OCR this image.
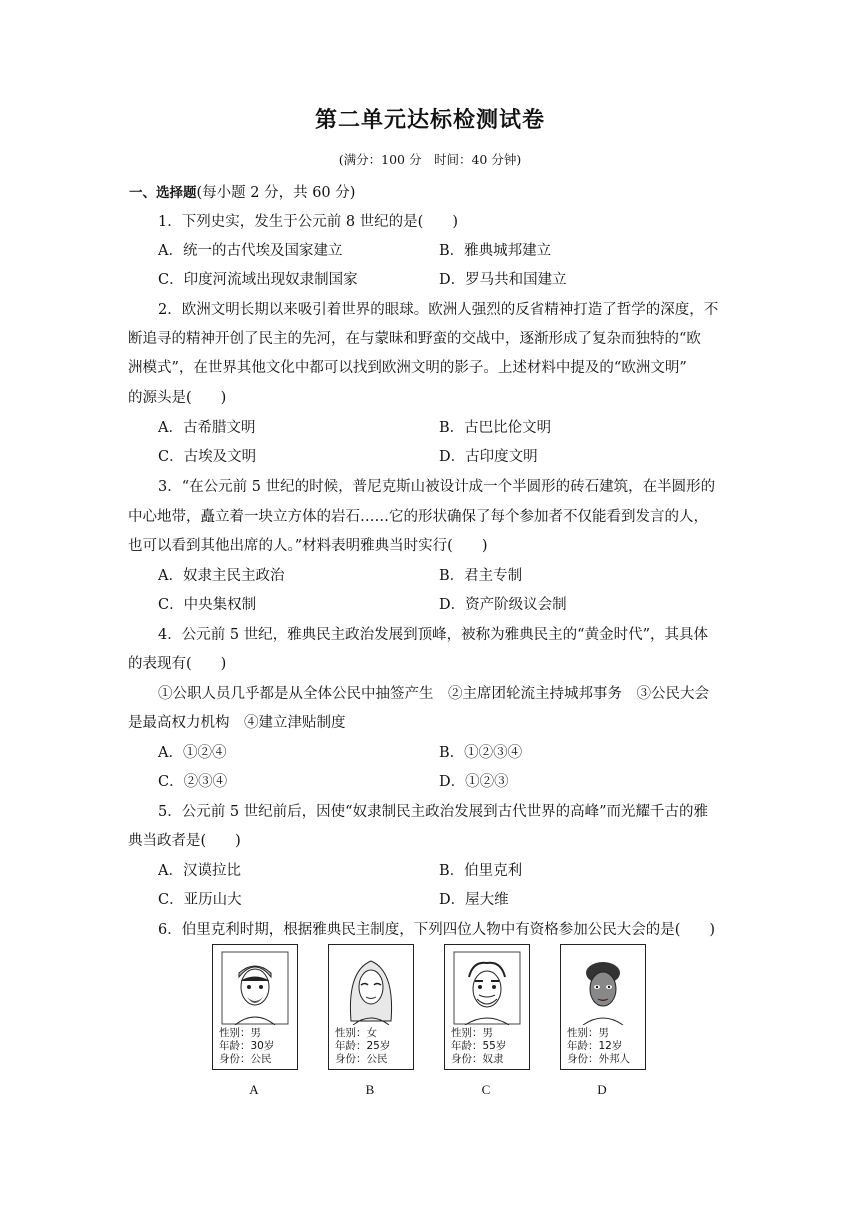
第二单元达标检测试卷
(满分：100 分　时间：40 分钟)
一、选择题(每小题 2 分，共 60 分)
1．下列史实，发生于公元前 8 世纪的是(　　)
A．统一的古代埃及国家建立	B．雅典城邦建立
C．印度河流域出现奴隶制国家	D．罗马共和国建立
2．欧洲文明长期以来吸引着世界的眼球。欧洲人强烈的反省精神打造了哲学的深度，不
断追寻的精神开创了民主的先河，在与蒙昧和野蛮的交战中，逐渐形成了复杂而独特的“欧
洲模式”，在世界其他文化中都可以找到欧洲文明的影子。上述材料中提及的“欧洲文明”
的源头是(　　)
A．古希腊文明	B．古巴比伦文明
C．古埃及文明	D．古印度文明
3．“在公元前 5 世纪的时候，普尼克斯山被设计成一个半圆形的砖石建筑，在半圆形的
中心地带，矗立着一块立方体的岩石……它的形状确保了每个参加者不仅能看到发言的人，
也可以看到其他出席的人。”材料表明雅典当时实行(　　)
A．奴隶主民主政治	B．君主专制
C．中央集权制	D．资产阶级议会制
4．公元前 5 世纪，雅典民主政治发展到顶峰，被称为雅典民主的“黄金时代”，其具体
的表现有(　　)
①公职人员几乎都是从全体公民中抽签产生　②主席团轮流主持城邦事务　③公民大会
是最高权力机构　④建立津贴制度
A．①②④	B．①②③④
C．②③④	D．①②③
5．公元前 5 世纪前后，因使“奴隶制民主政治发展到古代世界的高峰”而光耀千古的雅
典当政者是(　　)
A．汉谟拉比	B．伯里克利
C．亚历山大	D．屋大维
6．伯里克利时期，根据雅典民主制度，下列四位人物中有资格参加公民大会的是(　　)
性别：男
年龄：30岁
身份：公民
A
性别：女
年龄：25岁
身份：公民
B
性别：男
年龄：55岁
身份：奴隶
C
性别：男
年龄：12岁
身份：外邦人
D
